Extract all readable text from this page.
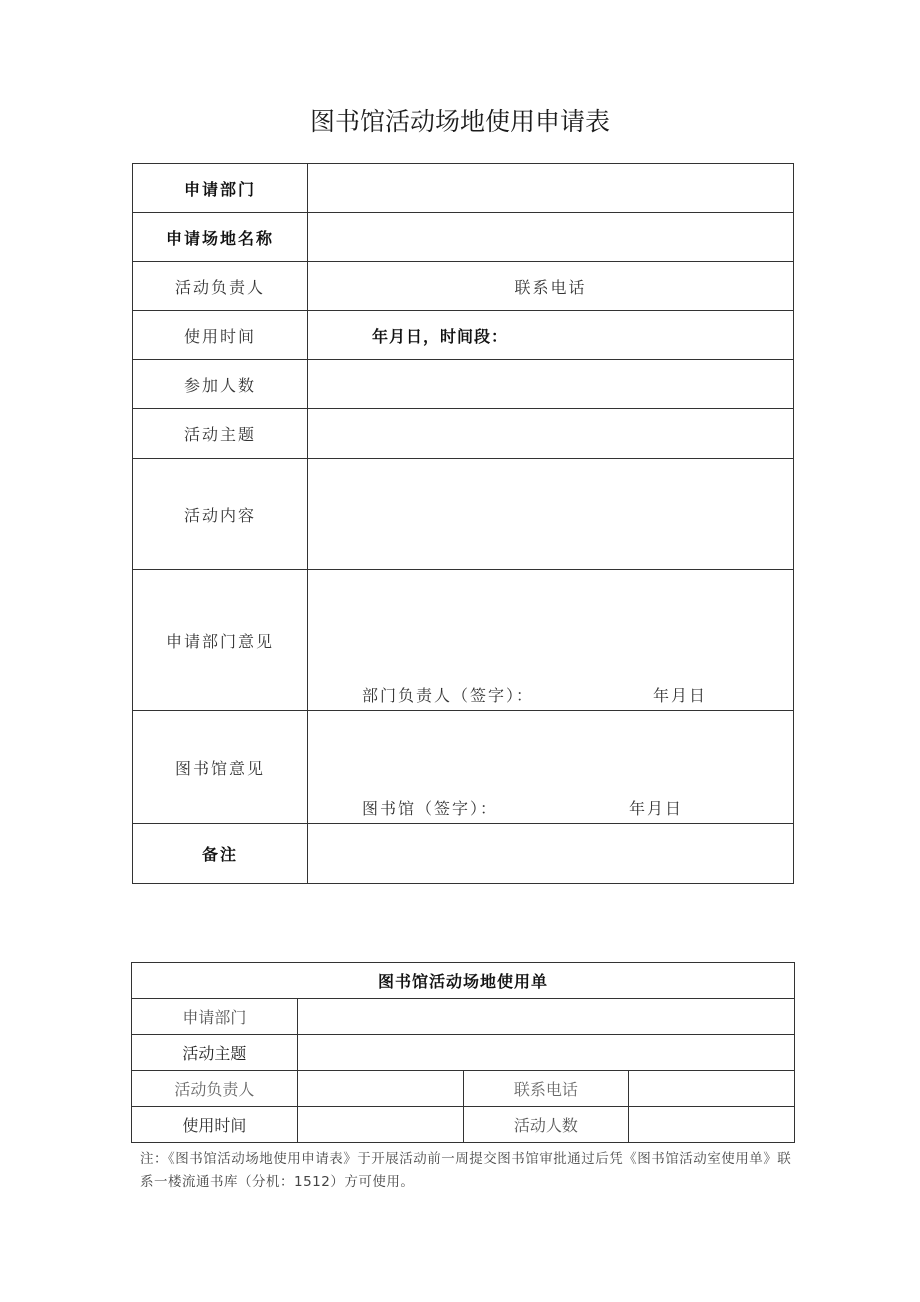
图书馆活动场地使用申请表
申请部门	
申请场地名称	
活动负责人	联系电话
使用时间	年月日，时间段：
参加人数	
活动主题	
活动内容	
申请部门意见	部门负责人（签字）： 年月日

图书馆意见	图书馆（签字）： 年月日

备注	
图书馆活动场地使用单			
申请部门			
活动主题			
活动负责人		联系电话	
使用时间		活动人数	
注：《图书馆活动场地使用申请表》于开展活动前一周提交图书馆审批通过后凭《图书馆活动室使用单》联系一楼流通书库（分机：1512）方可使用。
